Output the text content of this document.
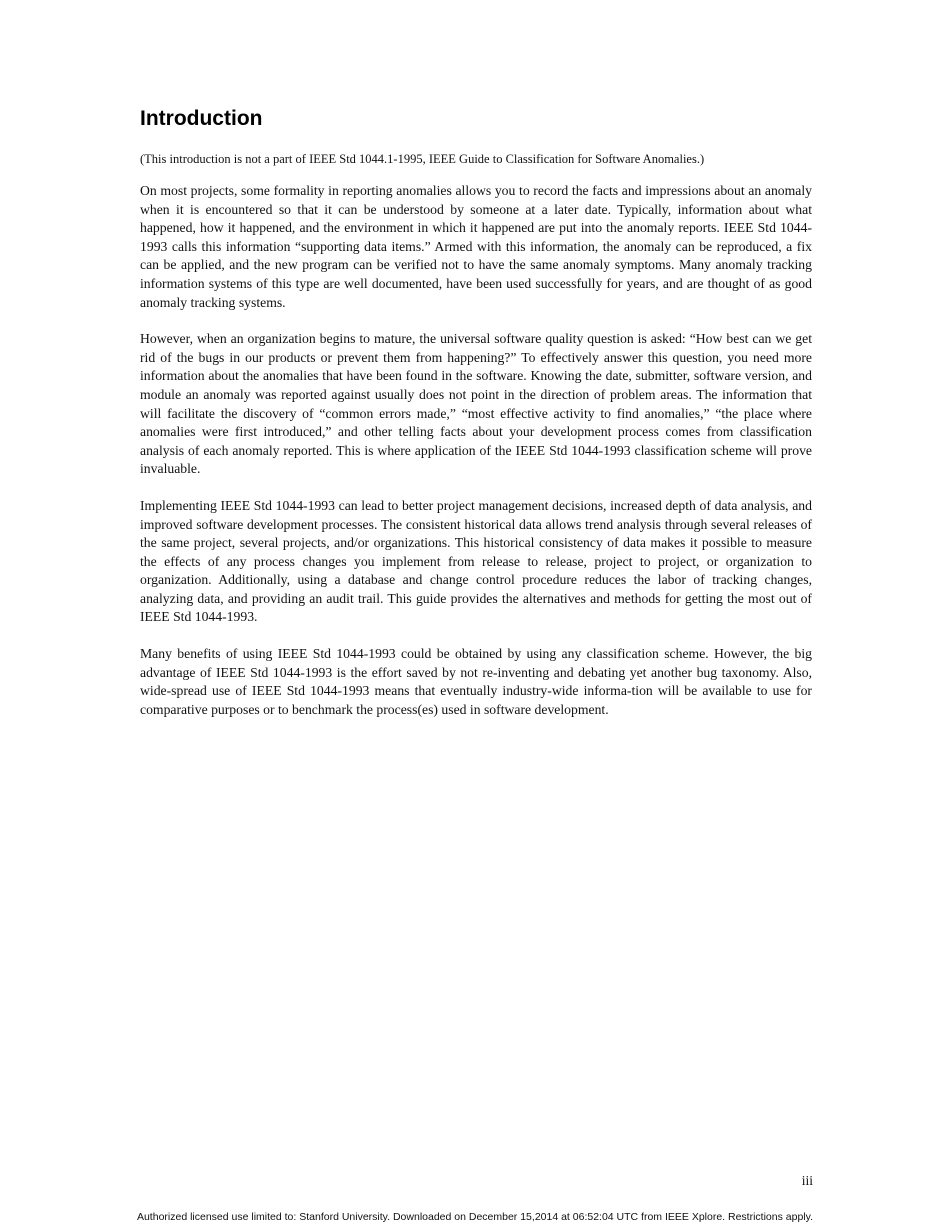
Introduction

(This introduction is not a part of IEEE Std 1044.1-1995, IEEE Guide to Classification for Software Anomalies.)

On most projects, some formality in reporting anomalies allows you to record the facts and impressions about an anomaly when it is encountered so that it can be understood by someone at a later date. Typically, information about what happened, how it happened, and the environment in which it happened are put into the anomaly reports. IEEE Std 1044-1993 calls this information “supporting data items.” Armed with this information, the anomaly can be reproduced, a fix can be applied, and the new program can be verified not to have the same anomaly symptoms. Many anomaly tracking information systems of this type are well documented, have been used successfully for years, and are thought of as good anomaly tracking systems.

However, when an organization begins to mature, the universal software quality question is asked: “How best can we get rid of the bugs in our products or prevent them from happening?” To effectively answer this question, you need more information about the anomalies that have been found in the software. Knowing the date, submitter, software version, and module an anomaly was reported against usually does not point in the direction of problem areas. The information that will facilitate the discovery of “common errors made,” “most effective activity to find anomalies,” “the place where anomalies were first introduced,” and other telling facts about your development process comes from classification analysis of each anomaly reported. This is where application of the IEEE Std 1044-1993 classification scheme will prove invaluable.

Implementing IEEE Std 1044-1993 can lead to better project management decisions, increased depth of data analysis, and improved software development processes. The consistent historical data allows trend analysis through several releases of the same project, several projects, and/or organizations. This historical consistency of data makes it possible to measure the effects of any process changes you implement from release to release, project to project, or organization to organization. Additionally, using a database and change control procedure reduces the labor of tracking changes, analyzing data, and providing an audit trail. This guide provides the alternatives and methods for getting the most out of IEEE Std 1044-1993.

Many benefits of using IEEE Std 1044-1993 could be obtained by using any classification scheme. However, the big advantage of IEEE Std 1044-1993 is the effort saved by not re-inventing and debating yet another bug taxonomy. Also, wide-spread use of IEEE Std 1044-1993 means that eventually industry-wide informa-tion will be available to use for comparative purposes or to benchmark the process(es) used in software development.

iii
Authorized licensed use limited to: Stanford University. Downloaded on December 15,2014 at 06:52:04 UTC from IEEE Xplore. Restrictions apply.
